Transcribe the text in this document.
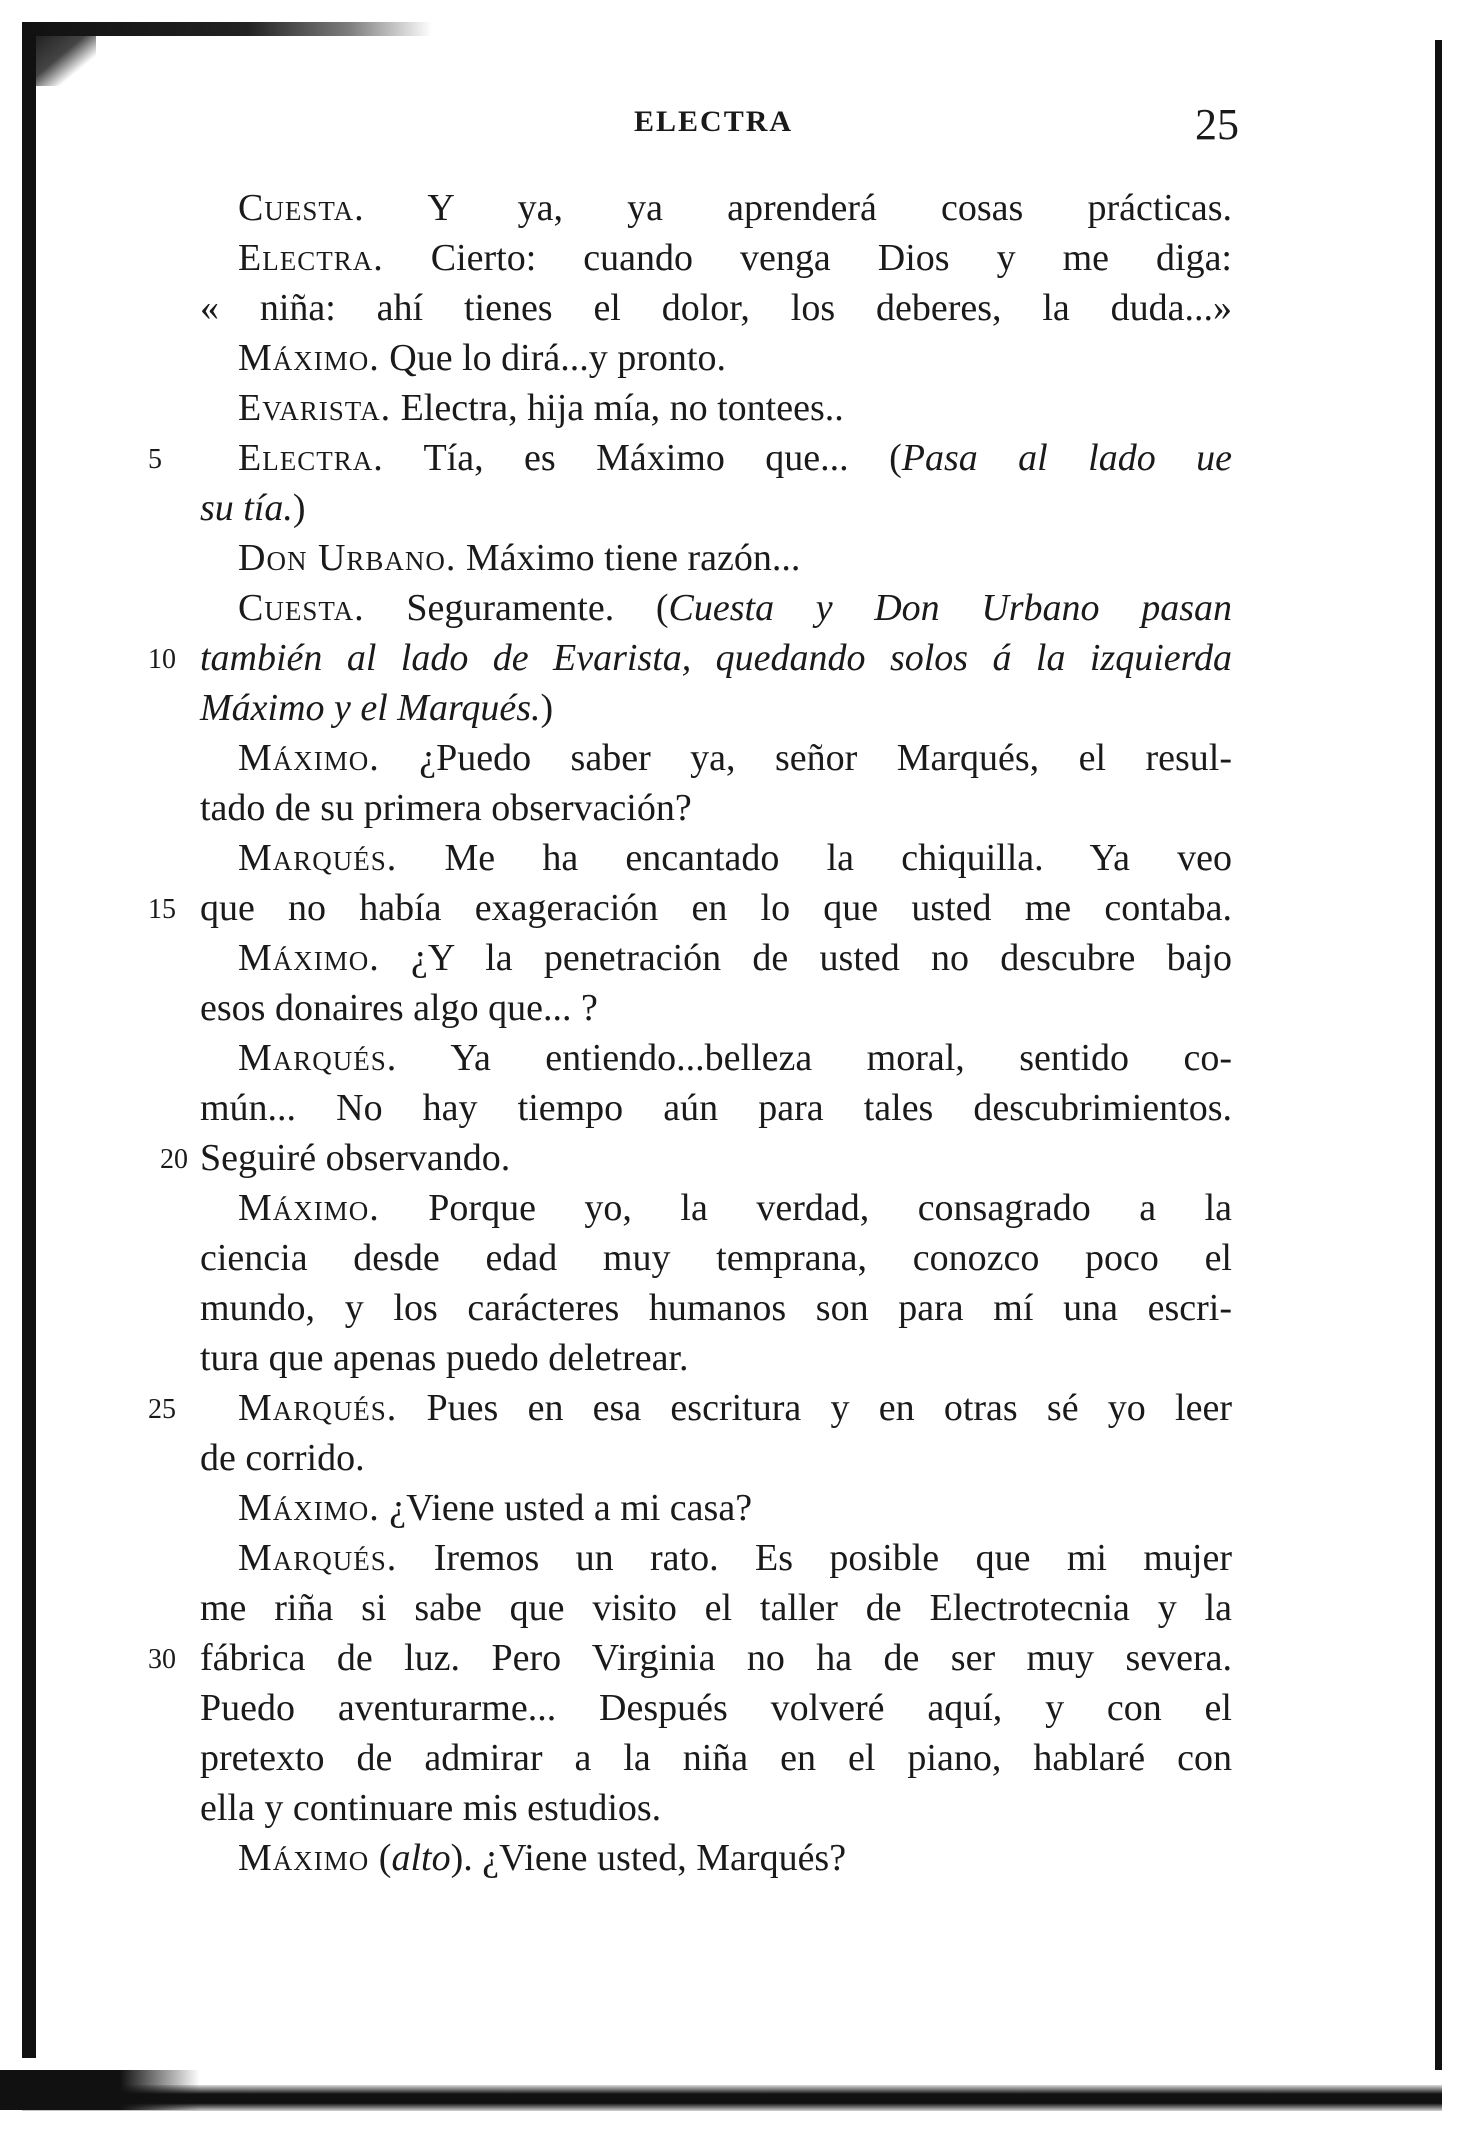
ELECTRA	25
Cuesta. Y ya, ya aprenderá cosas prácticas.
Electra. Cierto: cuando venga Dios y me diga:
« niña: ahí tienes el dolor, los deberes, la duda...»
Máximo. Que lo dirá...y pronto.
Evarista. Electra, hija mía, no tontees..
5	Electra. Tía, es Máximo que... (Pasa al lado ue
su tía.)
Don Urbano. Máximo tiene razón...
Cuesta. Seguramente. (Cuesta y Don Urbano pasan
10 también al lado de Evarista, quedando solos á la izquierda
Máximo y el Marqués.)
Máximo. ¿Puedo saber ya, señor Marqués, el resul-
tado de su primera observación?
Marqués. Me ha encantado la chiquilla. Ya veo
15 que no había exageración en lo que usted me contaba.
Máximo. ¿Y la penetración de usted no descubre bajo
esos donaires algo que... ?
Marqués. Ya entiendo...belleza moral, sentido co-
mún... No hay tiempo aún para tales descubrimientos.
20 Seguiré observando.
Máximo. Porque yo, la verdad, consagrado a la
ciencia desde edad muy temprana, conozco poco el
mundo, y los carácteres humanos son para mí una escri-
tura que apenas puedo deletrear.
25	Marqués. Pues en esa escritura y en otras sé yo leer
de corrido.
Máximo. ¿Viene usted a mi casa?
Marqués. Iremos un rato. Es posible que mi mujer
me riña si sabe que visito el taller de Electrotecnia y la
30 fábrica de luz. Pero Virginia no ha de ser muy severa.
Puedo aventurarme... Después volveré aquí, y con el
pretexto de admirar a la niña en el piano, hablaré con
ella y continuare mis estudios.
Máximo (alto). ¿Viene usted, Marqués?
